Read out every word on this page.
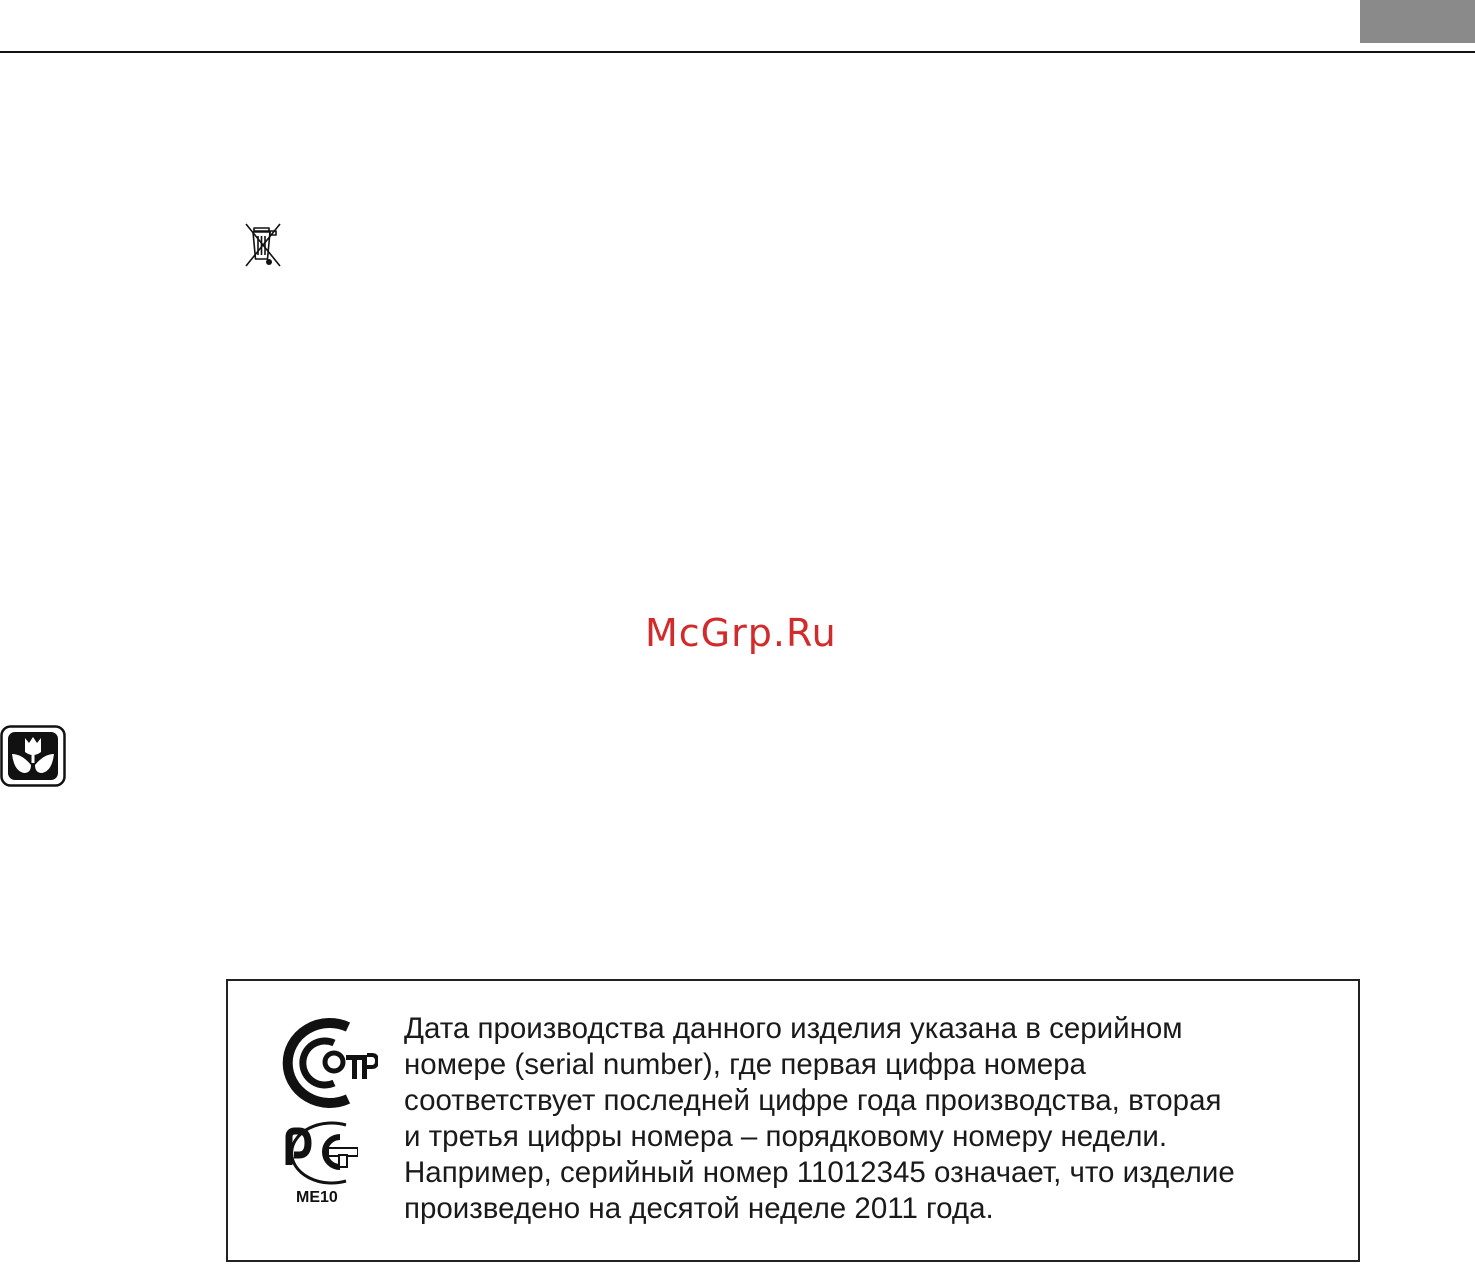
McGrp.Ru
ME10

Дата производства данного изделия указана в серийном
номере (serial number), где первая цифра номера
соответствует последней цифре года производства, вторая
и третья цифры номера – порядковому номеру недели.
Например, серийный номер 11012345 означает, что изделие
произведено на десятой неделе 2011 года.
